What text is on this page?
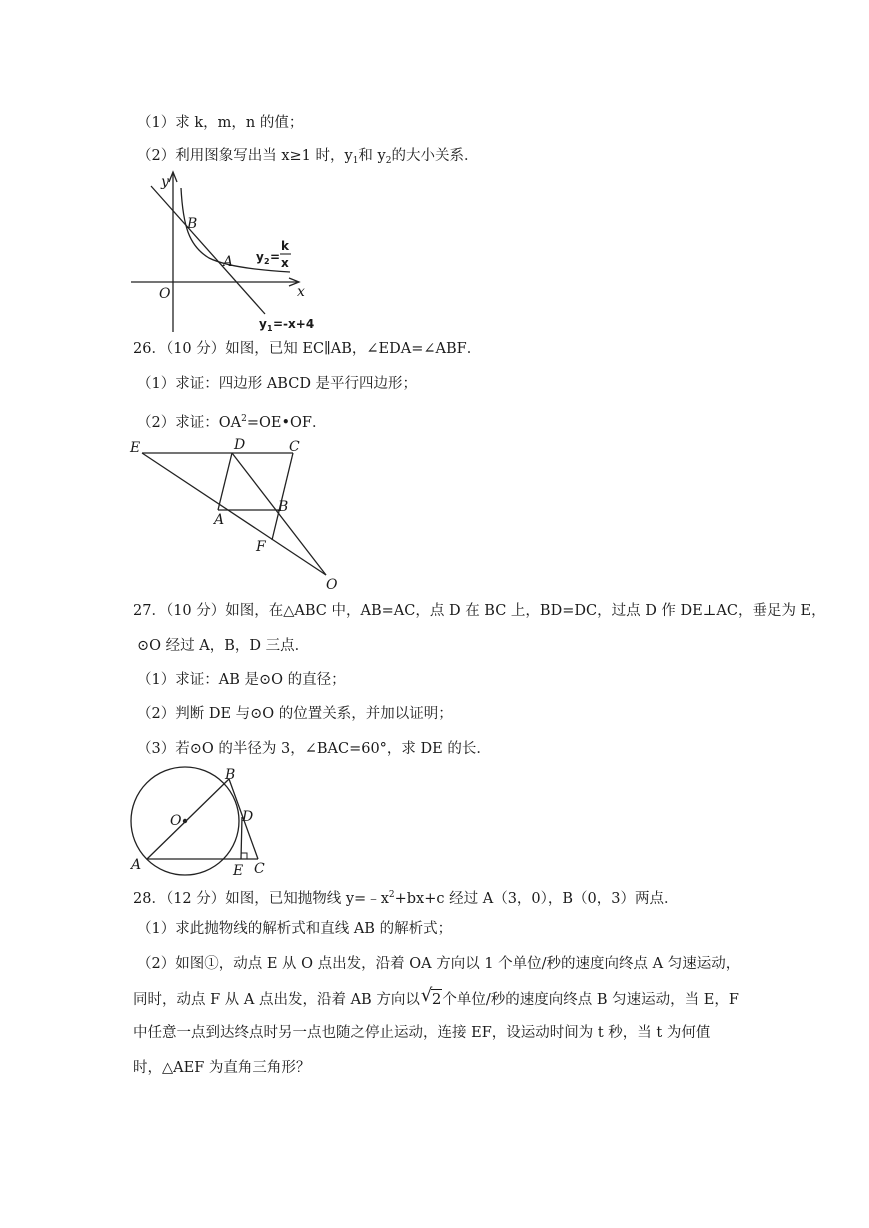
（1）求 k，m，n 的值；
（2）利用图象写出当 x≥1 时，$y_1$和 $y_2$的大小关系．
y
x
O
B
A y 2 =
k
x
y 1 =-x+4
26．（10 分）如图，已知 EC∥AB，∠EDA=∠ABF．
（1）求证：四边形 ABCD 是平行四边形；
（2）求证：$OA^2=OE•OF$．
E	D	C
A
B
F
O
27．（10 分）如图，在△ABC 中，AB=AC，点 D 在 BC 上，BD=DC，过点 D 作 DE⊥AC，垂足为 E，
⊙O 经过 A，B，D 三点．
（1）求证：AB 是⊙O 的直径；
（2）判断 DE 与⊙O 的位置关系，并加以证明；
（3）若⊙O 的半径为 3，∠BAC=60°，求 DE 的长．
O
A
B
D
E C
28．（12 分）如图，已知抛物线 $y=﹣x^2+bx+c$ 经过 A（3，0），B（0，3）两点．
（1）求此抛物线的解析式和直线 AB 的解析式；
（2）如图①，动点 E 从 O 点出发，沿着 OA 方向以 1 个单位/秒的速度向终点 A 匀速运动，
同时，动点 F 从 A 点出发，沿着 AB 方向以 √ 2个单位/秒的速度向终点 B 匀速运动，当 E，F
中任意一点到达终点时另一点也随之停止运动，连接 EF，设运动时间为 t 秒，当 t 为何值
时，△AEF 为直角三角形？
